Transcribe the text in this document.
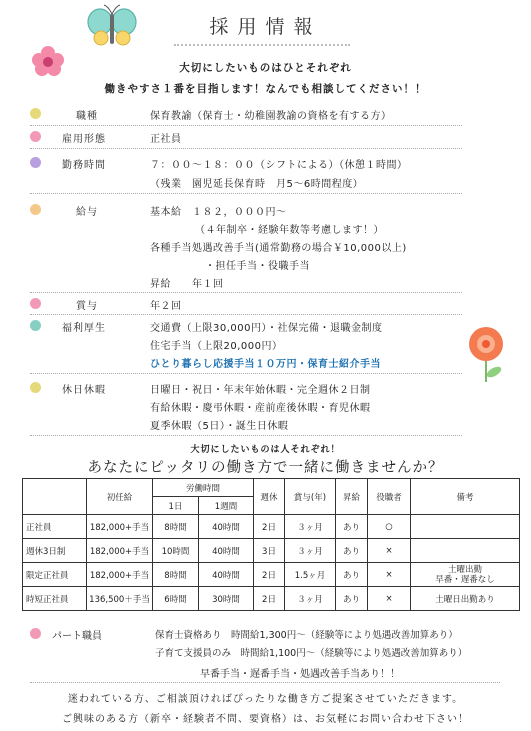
採用情報
大切にしたいものはひとそれぞれ
働きやすさ１番を目指します！なんでも相談してください！！
職種	保育教諭（保育士・幼稚園教諭の資格を有する方）
雇用形態	正社員
勤務時間	７：００～１８：００（シフトによる）（休憩１時間）
（残業　園児延長保育時　月5～6時間程度）
給与	基本給　１８２，０００円～
（４年制卒・経験年数等考慮します！）
各種手当処遇改善手当(通常勤務の場合￥10,000以上)
・担任手当・役職手当
昇給　　年１回
賞与	年２回
福利厚生	交通費（上限30,000円）・社保完備・退職金制度
住宅手当（上限20,000円）
ひとり暮らし応援手当１０万円・保育士紹介手当
休日休暇	日曜日・祝日・年末年始休暇・完全週休２日制
有給休暇・慶弔休暇・産前産後休暇・育児休暇
夏季休暇（5日）・誕生日休暇
大切にしたいものは人それぞれ！
あなたにピッタリの働き方で一緒に働きませんか？
	初任給	労働時間		週休	賞与(年)	昇給	役職者	備考
		1日	1週間					
正社員	182,000+手当	8時間	40時間	2日	３ヶ月	あり	○	
週休3日制	182,000+手当	10時間	40時間	3日	３ヶ月	あり	×	
限定正社員	182,000+手当	8時間	40時間	2日	1.5ヶ月	あり	×	土曜出勤
早番・遅番なし
時短正社員	136,500＋手当	6時間	30時間	2日	３ヶ月	あり	×	土曜日出勤あり
パート職員	保育士資格あり　時間給1,300円～（経験等により処遇改善加算あり）
子育て支援員のみ　時間給1,100円～（経験等により処遇改善加算あり）
早番手当・遅番手当・処遇改善手当あり！！
迷われている方、ご相談頂ければぴったりな働き方ご提案させていただきます。
ご興味のある方（新卒・経験者不問、要資格）は、お気軽にお問い合わせ下さい！
